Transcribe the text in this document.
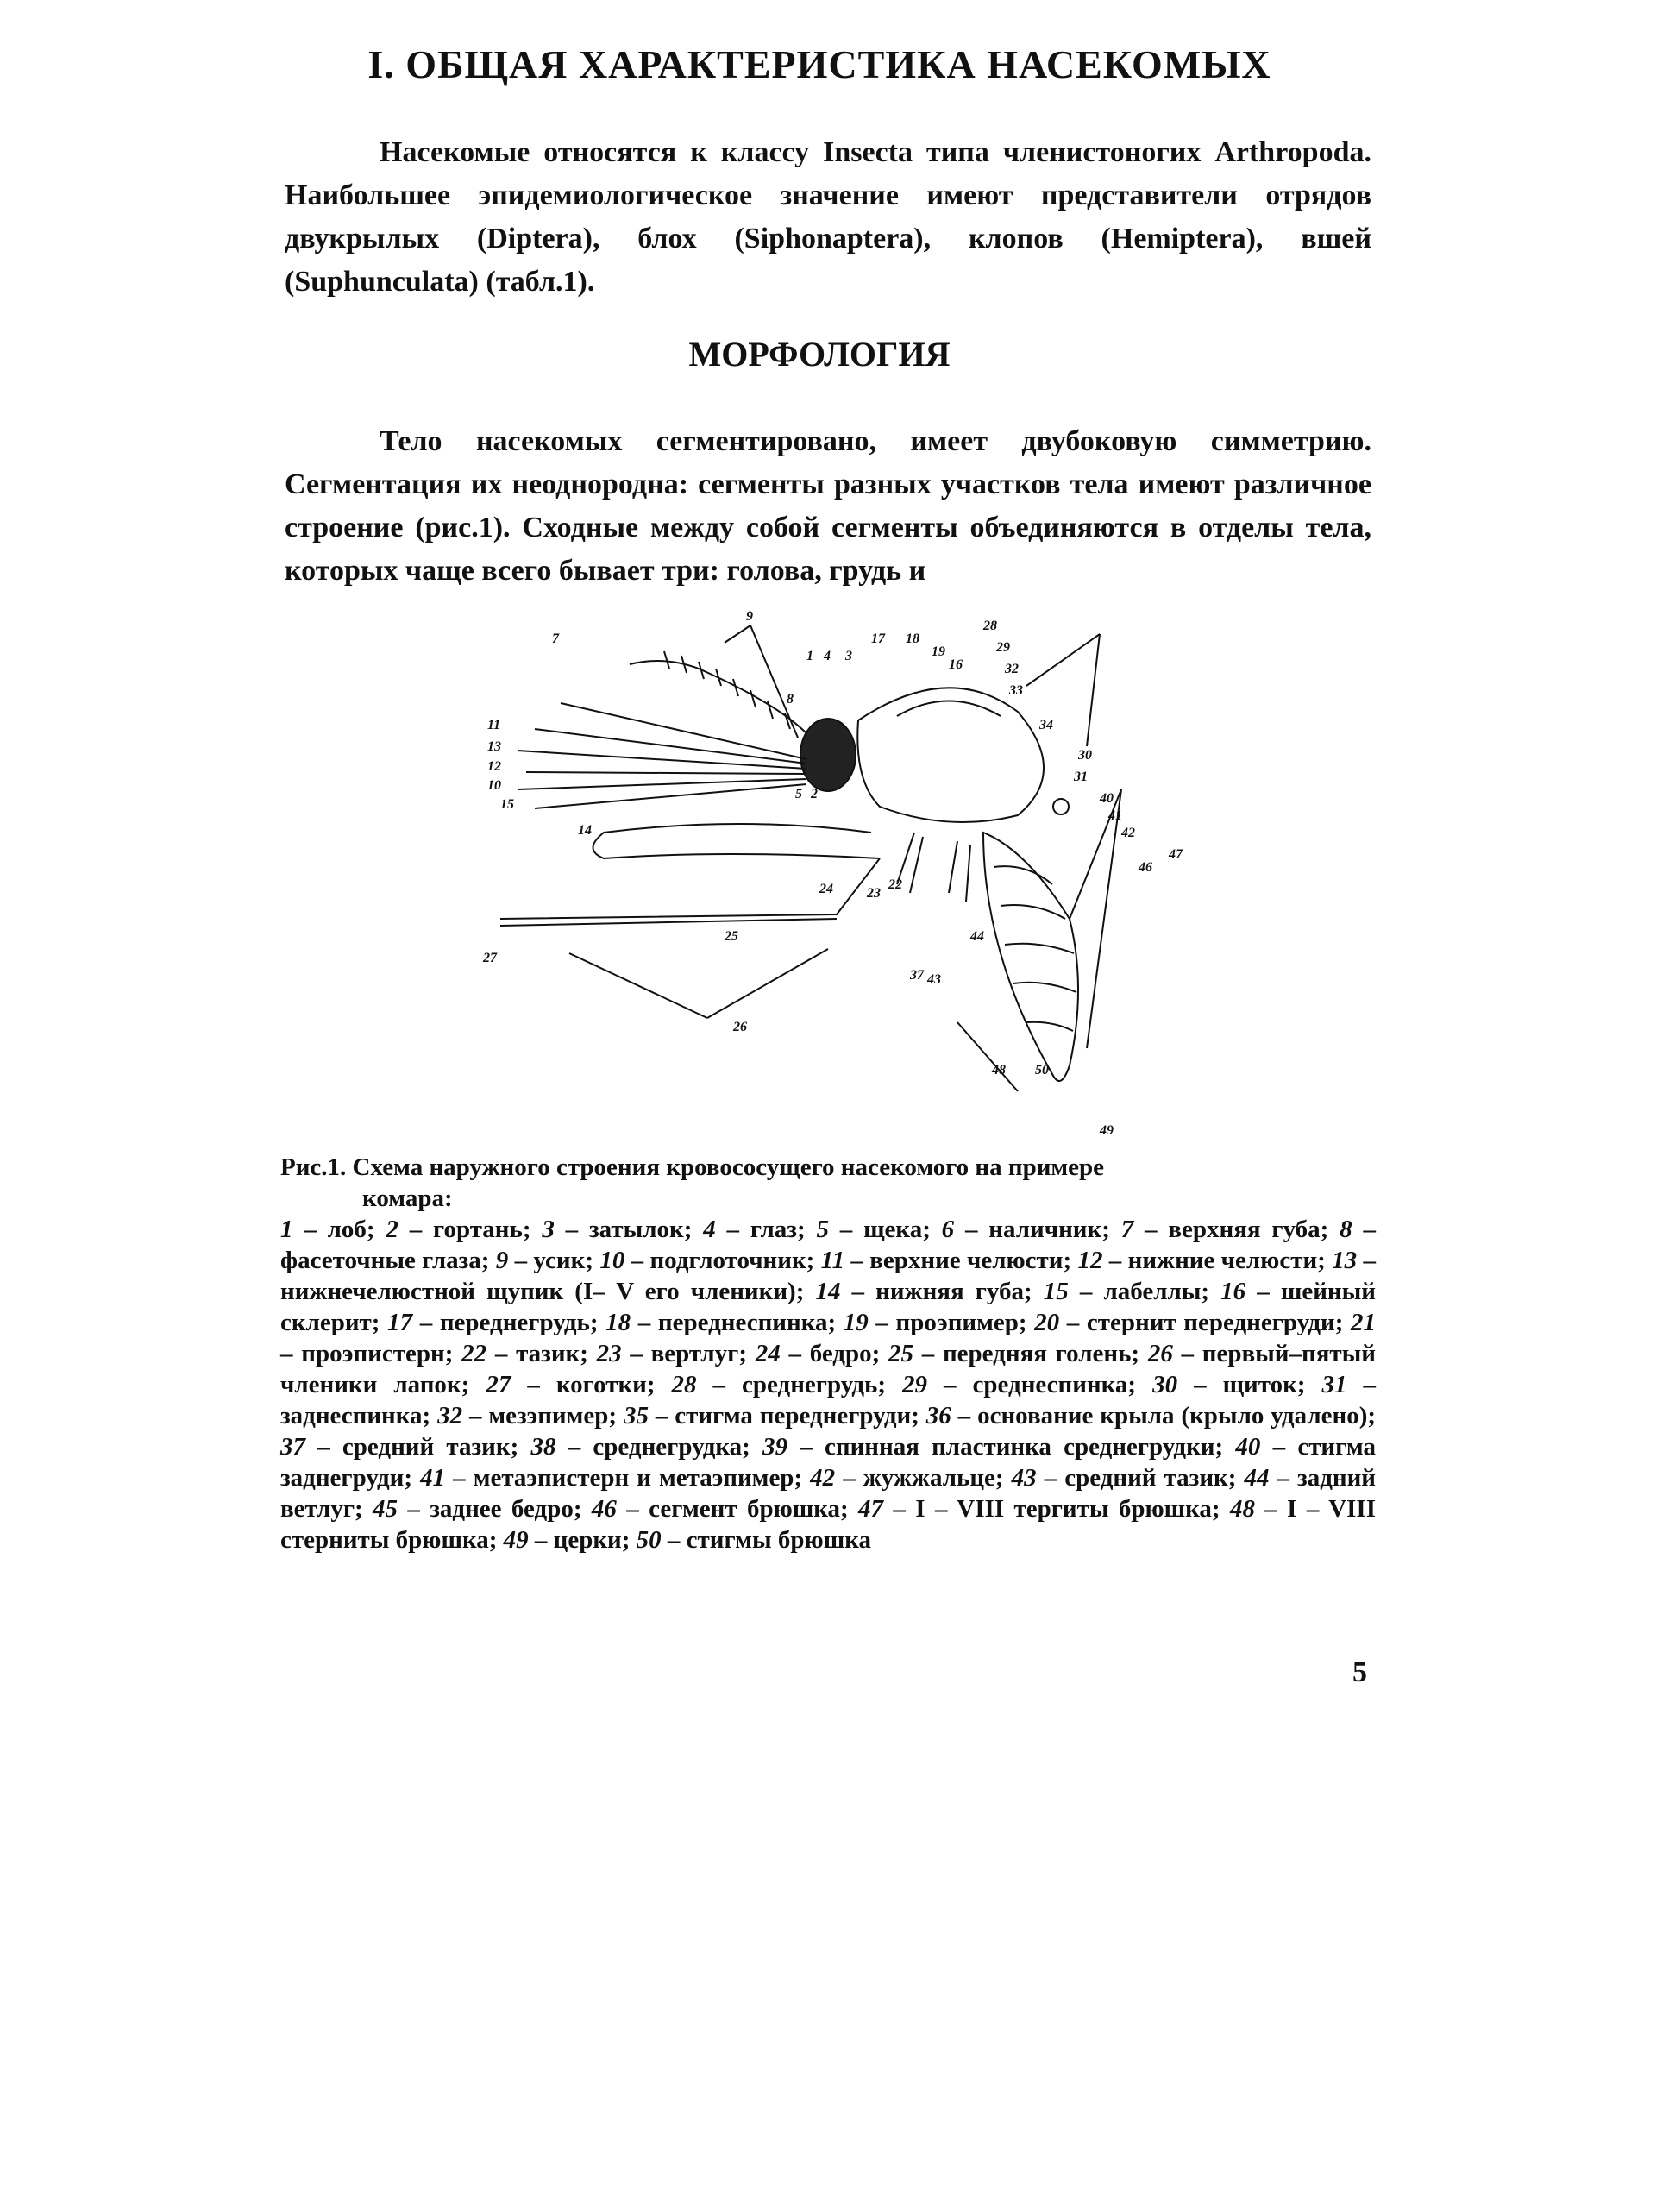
I. ОБЩАЯ ХАРАКТЕРИСТИКА НАСЕКОМЫХ

Насекомые относятся к классу Insecta типа членистоногих Arthropoda. Наибольшее эпидемиологическое значение имеют представители отрядов двукрылых (Diptera), блох (Siphonaptera), клопов (Hemiptera), вшей (Suphunculata) (табл.1).

МОРФОЛОГИЯ

Тело насекомых сегментировано, имеет двубоковую симметрию. Сегментация их неоднородна: сегменты разных участков тела имеют различное строение (рис.1). Сходные между собой сегменты объединяются в отделы тела, которых чаще всего бывает три: голова, грудь и

9
7
11
13
12
10
15
14
1 4 3
8
5 2
17 18
19
16
28
29
32
33
34
30
31
40
41
42
46
47
24 23
22
25
26
27
37 43
44
48 50
49
Рис.1. Схема наружного строения кровососущего насекомого на примере
комара:
1 – лоб; 2 – гортань; 3 – затылок; 4 – глаз; 5 – щека; 6 – наличник; 7 – верхняя губа; 8 – фасеточные глаза; 9 – усик; 10 – подглоточник; 11 – верхние челюсти; 12 – нижние челюсти; 13 – нижнечелюстной щупик (I– V его членики); 14 – нижняя губа; 15 – лабеллы; 16 – шейный склерит; 17 – переднегрудь; 18 – переднеспинка; 19 – проэпимер; 20 – стернит переднегруди; 21 – проэпистерн; 22 – тазик; 23 – вертлуг; 24 – бедро; 25 – передняя голень; 26 – первый–пятый членики лапок; 27 – коготки; 28 – среднегрудь; 29 – среднеспинка; 30 – щиток; 31 – заднеспинка; 32 – мезэпимер; 35 – стигма переднегруди; 36 – основание крыла (крыло удалено); 37 – средний тазик; 38 – среднегрудка; 39 – спинная пластинка среднегрудки; 40 – стигма заднегруди; 41 – метаэпистерн и метаэпимер; 42 – жужжальце; 43 – средний тазик; 44 – задний ветлуг; 45 – заднее бедро; 46 – сегмент брюшка; 47 – I – VIII тергиты брюшка; 48 – I – VIII стерниты брюшка; 49 – церки; 50 – стигмы брюшка
5
